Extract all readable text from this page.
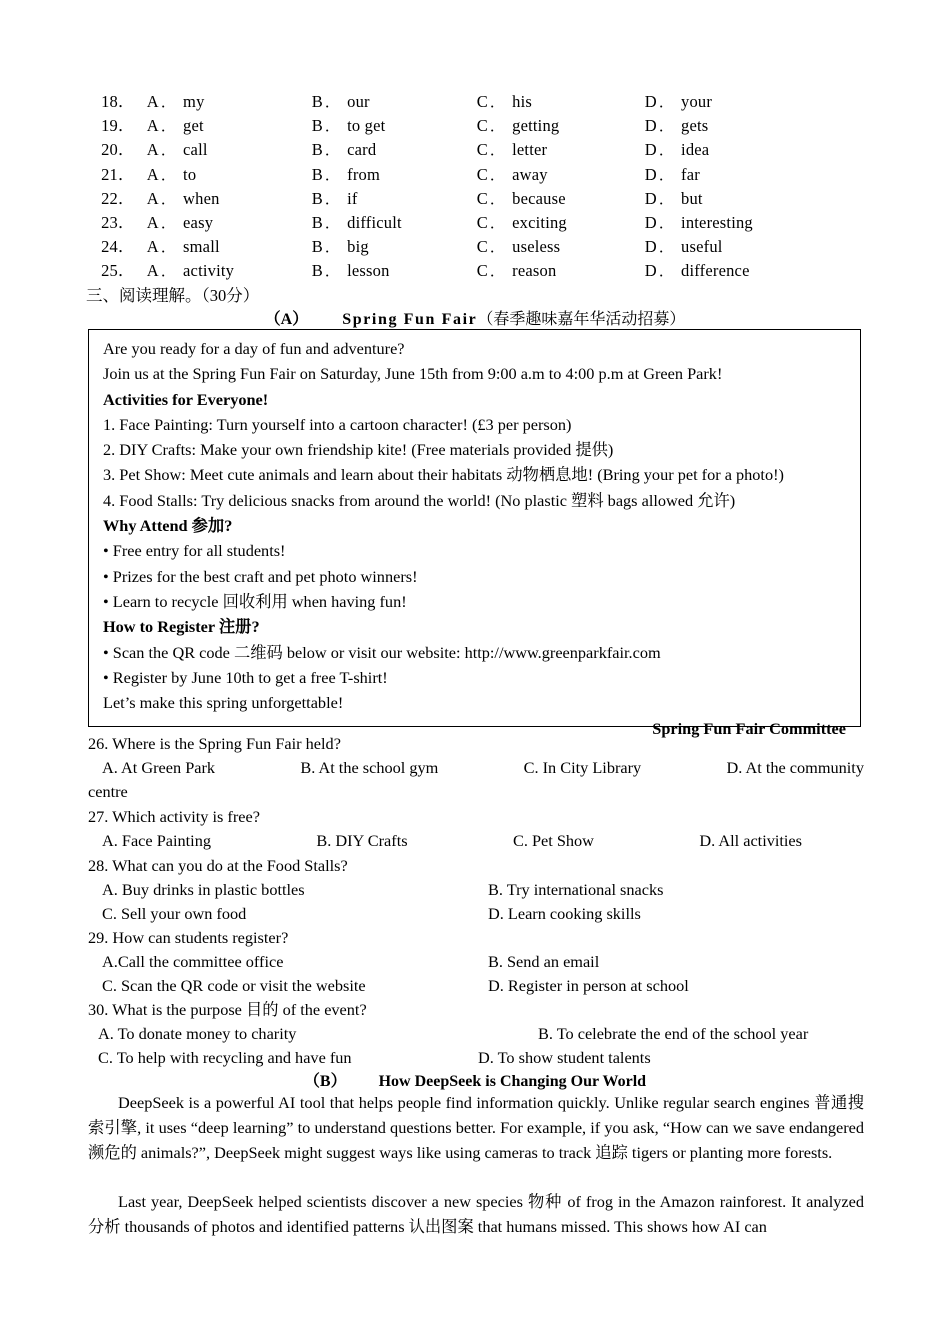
18 ． A ． my	B ． our	C ． his	D ． your
19 ． A ． get	B ． to get	C ． getting	D ． gets
20 ． A ． call	B ． card	C ． letter	D ． idea
21 ． A ． to	B ． from	C ． away	D ． far
22 ． A ． when	B ． if	C ． because	D ． but
23 ． A ． easy	B ． difficult	C ． exciting	D ． interesting
24 ． A ． small	B ． big	C ． useless	D ． useful
25 ． A ． activity	B ． lesson	C ． reason	D ． difference
三、阅读理解。（30分）
（A） Spring Fun Fair（春季趣味嘉年华活动招募）
Are you ready for a day of fun and adventure?
Join us at the Spring Fun Fair on Saturday, June 15th from 9:00 a.m to 4:00 p.m at Green Park!
Activities for Everyone!
1. Face Painting: Turn yourself into a cartoon character! (£3 per person)
2. DIY Crafts: Make your own friendship kite! (Free materials provided 提供)
3. Pet Show: Meet cute animals and learn about their habitats 动物栖息地! (Bring your pet for a photo!)
4. Food Stalls: Try delicious snacks from around the world! (No plastic 塑料 bags allowed 允许)
Why Attend 参加?
• Free entry for all students!
• Prizes for the best craft and pet photo winners!
• Learn to recycle 回收利用 when having fun!
How to Register 注册?
• Scan the QR code 二维码 below or visit our website: http://www.greenparkfair.com
• Register by June 10th to get a free T-shirt!
Let’s make this spring unforgettable!
Spring Fun Fair Committee
26. Where is the Spring Fun Fair held?
A. At Green Park	B. At the school gym	C. In City Library	D. At the community
centre
27. Which activity is free?
A. Face Painting	B. DIY Crafts	C. Pet Show	D. All activities
28. What can you do at the Food Stalls?
A. Buy drinks in plastic bottles	B. Try international snacks
C. Sell your own food	D. Learn cooking skills
29. How can students register?
A.Call the committee office	B. Send an email
C. Scan the QR code or visit the website	D. Register in person at school
30. What is the purpose 目的 of the event?
A. To donate money to charity	B. To celebrate the end of the school year
C. To help with recycling and have fun	D. To show student talents
（B） How DeepSeek is Changing Our World
DeepSeek is a powerful AI tool that helps people find information quickly. Unlike regular search engines 普通搜索引擎, it uses “deep learning” to understand questions better. For example, if you ask, “How can we save endangered 濒危的 animals?”, DeepSeek might suggest ways like using cameras to track 追踪 tigers or planting more forests.
Last year, DeepSeek helped scientists discover a new species 物种 of frog in the Amazon rainforest. It analyzed 分析 thousands of photos and identified patterns 认出图案 that humans missed. This shows how AI can
